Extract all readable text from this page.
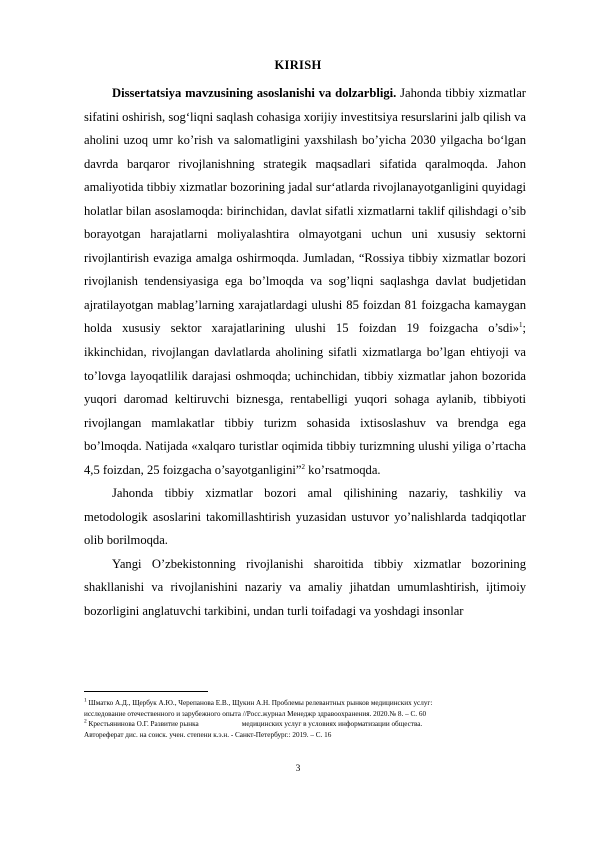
KIRISH

Dissertatsiya mavzusining asoslanishi va dolzarbligi. Jahonda tibbiy xizmatlar sifatini oshirish, sog‘liqni saqlash cohasiga xorijiy investitsiya resurslarini jalb qilish va aholini uzoq umr ko’rish va salomatligini yaxshilash bo’yicha 2030 yilgacha bo‘lgan davrda barqaror rivojlanishning strategik maqsadlari sifatida qaralmoqda. Jahon amaliyotida tibbiy xizmatlar bozorining jadal sur‘atlarda rivojlanayotganligini quyidagi holatlar bilan asoslamoqda: birinchidan, davlat sifatli xizmatlarni taklif qilishdagi o’sib borayotgan harajatlarni moliyalashtira olmayotgani uchun uni xususiy sektorni rivojlantirish evaziga amalga oshirmoqda. Jumladan, “Rossiya tibbiy xizmatlar bozori rivojlanish tendensiyasiga ega bo’lmoqda va sog’liqni saqlashga davlat budjetidan ajratilayotgan mablag’larning xarajatlardagi ulushi 85 foizdan 81 foizgacha kamaygan holda xususiy sektor xarajatlarining ulushi 15 foizdan 19 foizgacha o’sdi»$^1$; ikkinchidan, rivojlangan davlatlarda aholining sifatli xizmatlarga bo’lgan ehtiyoji va to’lovga layoqatlilik darajasi oshmoqda; uchinchidan, tibbiy xizmatlar jahon bozorida yuqori daromad keltiruvchi biznesga, rentabelligi yuqori sohaga aylanib, tibbiyoti rivojlangan mamlakatlar tibbiy turizm sohasida ixtisoslashuv va brendga ega bo’lmoqda. Natijada «xalqaro turistlar oqimida tibbiy turizmning ulushi yiliga o’rtacha 4,5 foizdan, 25 foizgacha o’sayotganligini”$^2$ ko’rsatmoqda.

Jahonda tibbiy xizmatlar bozori amal qilishining nazariy, tashkiliy va metodologik asoslarini takomillashtirish yuzasidan ustuvor yo’nalishlarda tadqiqotlar olib borilmoqda.

Yangi O’zbekistonning rivojlanishi sharoitida tibbiy xizmatlar bozorining shakllanishi va rivojlanishini nazariy va amaliy jihatdan umumlashtirish, ijtimoiy bozorligini anglatuvchi tarkibini, undan turli toifadagi va yoshdagi insonlar

$^1$ Шматко А.Д., Щербук А.Ю., Черепанова Е.В., Щукин А.Н. Проблемы релевантных рынков медицинских услуг:
исследование отечественного и зарубежного опыта //Росс.журнал Менеджр здравоохранения. 2020.№ 8. – С. 60

$^2$ Крестьянинова О.Г. Развитие рынка                        медицинских услуг в условиях информатизации общества.
Автореферат дис. на соиск. учен. степени к.э.н. - Санкт-Петербург.: 2019. – С. 16

3
